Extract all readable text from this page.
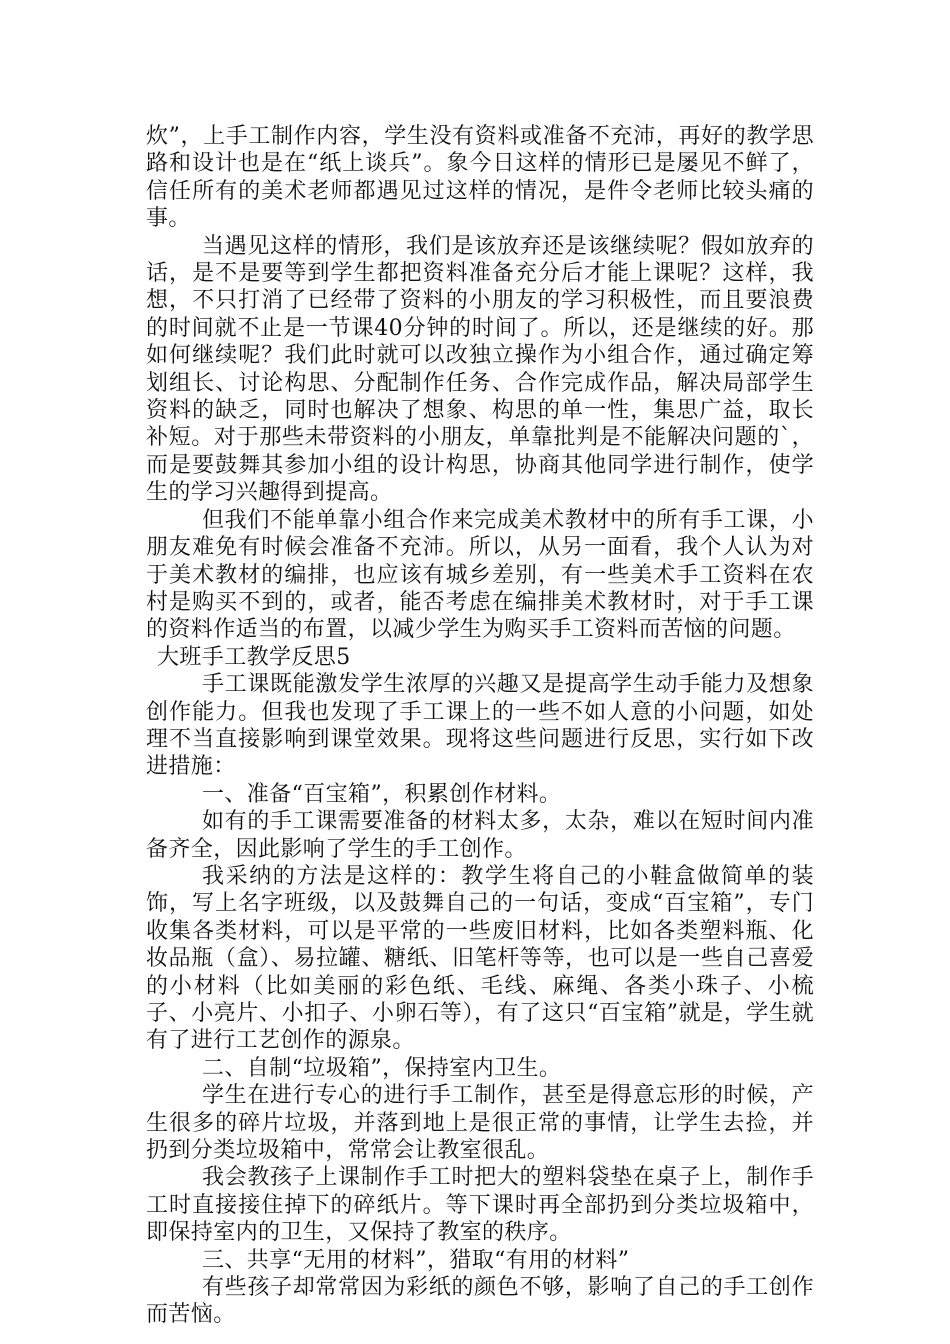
炊”，上手工制作内容，学生没有资料或准备不充沛，再好的教学思路和设计也是在“纸上谈兵”。象今日这样的情形已是屡见不鲜了，信任所有的美术老师都遇见过这样的情况，是件令老师比较头痛的事。

当遇见这样的情形，我们是该放弃还是该继续呢？假如放弃的话，是不是要等到学生都把资料准备充分后才能上课呢？这样，我想，不只打消了已经带了资料的小朋友的学习积极性，而且要浪费的时间就不止是一节课40分钟的时间了。所以，还是继续的好。那如何继续呢？我们此时就可以改独立操作为小组合作，通过确定筹划组长、讨论构思、分配制作任务、合作完成作品，解决局部学生资料的缺乏，同时也解决了想象、构思的单一性，集思广益，取长补短。对于那些未带资料的小朋友，单靠批判是不能解决问题的`，而是要鼓舞其参加小组的设计构思，协商其他同学进行制作，使学生的学习兴趣得到提高。

但我们不能单靠小组合作来完成美术教材中的所有手工课，小朋友难免有时候会准备不充沛。所以，从另一面看，我个人认为对于美术教材的编排，也应该有城乡差别，有一些美术手工资料在农村是购买不到的，或者，能否考虑在编排美术教材时，对于手工课的资料作适当的布置，以减少学生为购买手工资料而苦恼的问题。

大班手工教学反思5

手工课既能激发学生浓厚的兴趣又是提高学生动手能力及想象创作能力。但我也发现了手工课上的一些不如人意的小问题，如处理不当直接影响到课堂效果。现将这些问题进行反思，实行如下改进措施：

一、准备“百宝箱”，积累创作材料。

如有的手工课需要准备的材料太多，太杂，难以在短时间内准备齐全，因此影响了学生的手工创作。

我采纳的方法是这样的：教学生将自己的小鞋盒做简单的装饰，写上名字班级，以及鼓舞自己的一句话，变成“百宝箱”，专门收集各类材料，可以是平常的一些废旧材料，比如各类塑料瓶、化妆品瓶（盒）、易拉罐、糖纸、旧笔杆等等，也可以是一些自己喜爱的小材料（比如美丽的彩色纸、毛线、麻绳、各类小珠子、小梳子、小亮片、小扣子、小卵石等），有了这只“百宝箱”就是，学生就有了进行工艺创作的源泉。

二、自制“垃圾箱”，保持室内卫生。

学生在进行专心的进行手工制作，甚至是得意忘形的时候，产生很多的碎片垃圾，并落到地上是很正常的事情，让学生去捡，并扔到分类垃圾箱中，常常会让教室很乱。

我会教孩子上课制作手工时把大的塑料袋垫在桌子上，制作手工时直接接住掉下的碎纸片。等下课时再全部扔到分类垃圾箱中，即保持室内的卫生，又保持了教室的秩序。

三、共享“无用的材料”，猎取“有用的材料”

有些孩子却常常因为彩纸的颜色不够，影响了自己的手工创作而苦恼。
